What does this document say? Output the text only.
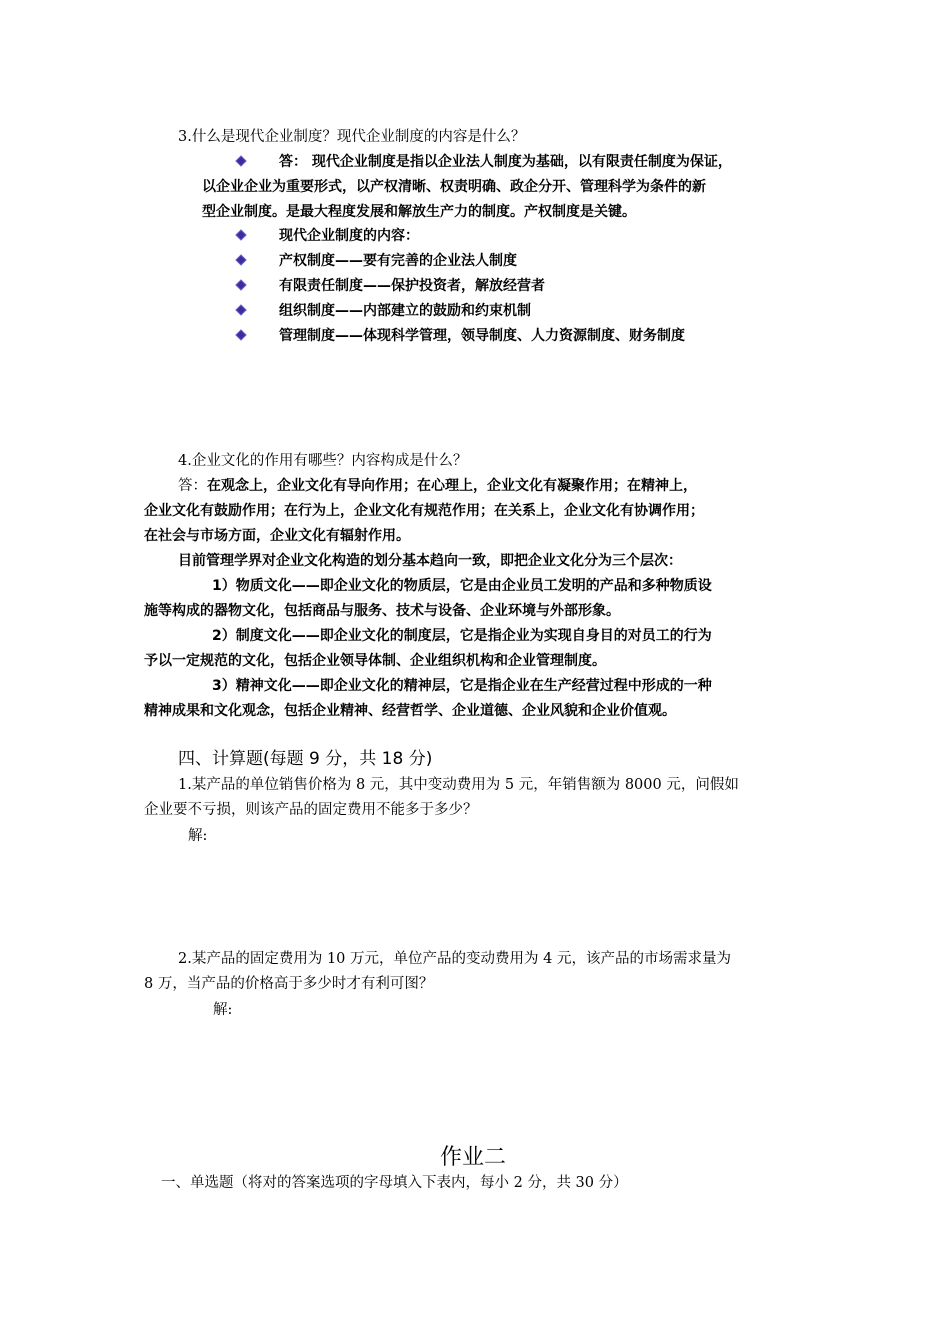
3.什么是现代企业制度？现代企业制度的内容是什么？
答： 现代企业制度是指以企业法人制度为基础，以有限责任制度为保证，
以企业企业为重要形式，以产权清晰、权责明确、政企分开、管理科学为条件的新
型企业制度。是最大程度发展和解放生产力的制度。产权制度是关键。
现代企业制度的内容：
产权制度——要有完善的企业法人制度
有限责任制度——保护投资者，解放经营者
组织制度——内部建立的鼓励和约束机制
管理制度——体现科学管理，领导制度、人力资源制度、财务制度
4.企业文化的作用有哪些？内容构成是什么？
答：在观念上，企业文化有导向作用；在心理上，企业文化有凝聚作用；在精神上，
企业文化有鼓励作用；在行为上，企业文化有规范作用；在关系上，企业文化有协调作用；
在社会与市场方面，企业文化有辐射作用。
目前管理学界对企业文化构造的划分基本趋向一致，即把企业文化分为三个层次：
1）物质文化——即企业文化的物质层，它是由企业员工发明的产品和多种物质设
施等构成的器物文化，包括商品与服务、技术与设备、企业环境与外部形象。
2）制度文化——即企业文化的制度层，它是指企业为实现自身目的对员工的行为
予以一定规范的文化，包括企业领导体制、企业组织机构和企业管理制度。
3）精神文化——即企业文化的精神层，它是指企业在生产经营过程中形成的一种
精神成果和文化观念，包括企业精神、经营哲学、企业道德、企业风貌和企业价值观。
四、计算题(每题 9 分，共 18 分)
1.某产品的单位销售价格为 8 元，其中变动费用为 5 元，年销售额为 8000 元，问假如
企业要不亏损，则该产品的固定费用不能多于多少？
解:
2.某产品的固定费用为 10 万元，单位产品的变动费用为 4 元，该产品的市场需求量为
8 万，当产品的价格高于多少时才有利可图？
解:
作业二
一、单选题（将对的答案选项的字母填入下表内，每小 2 分，共 30 分）
